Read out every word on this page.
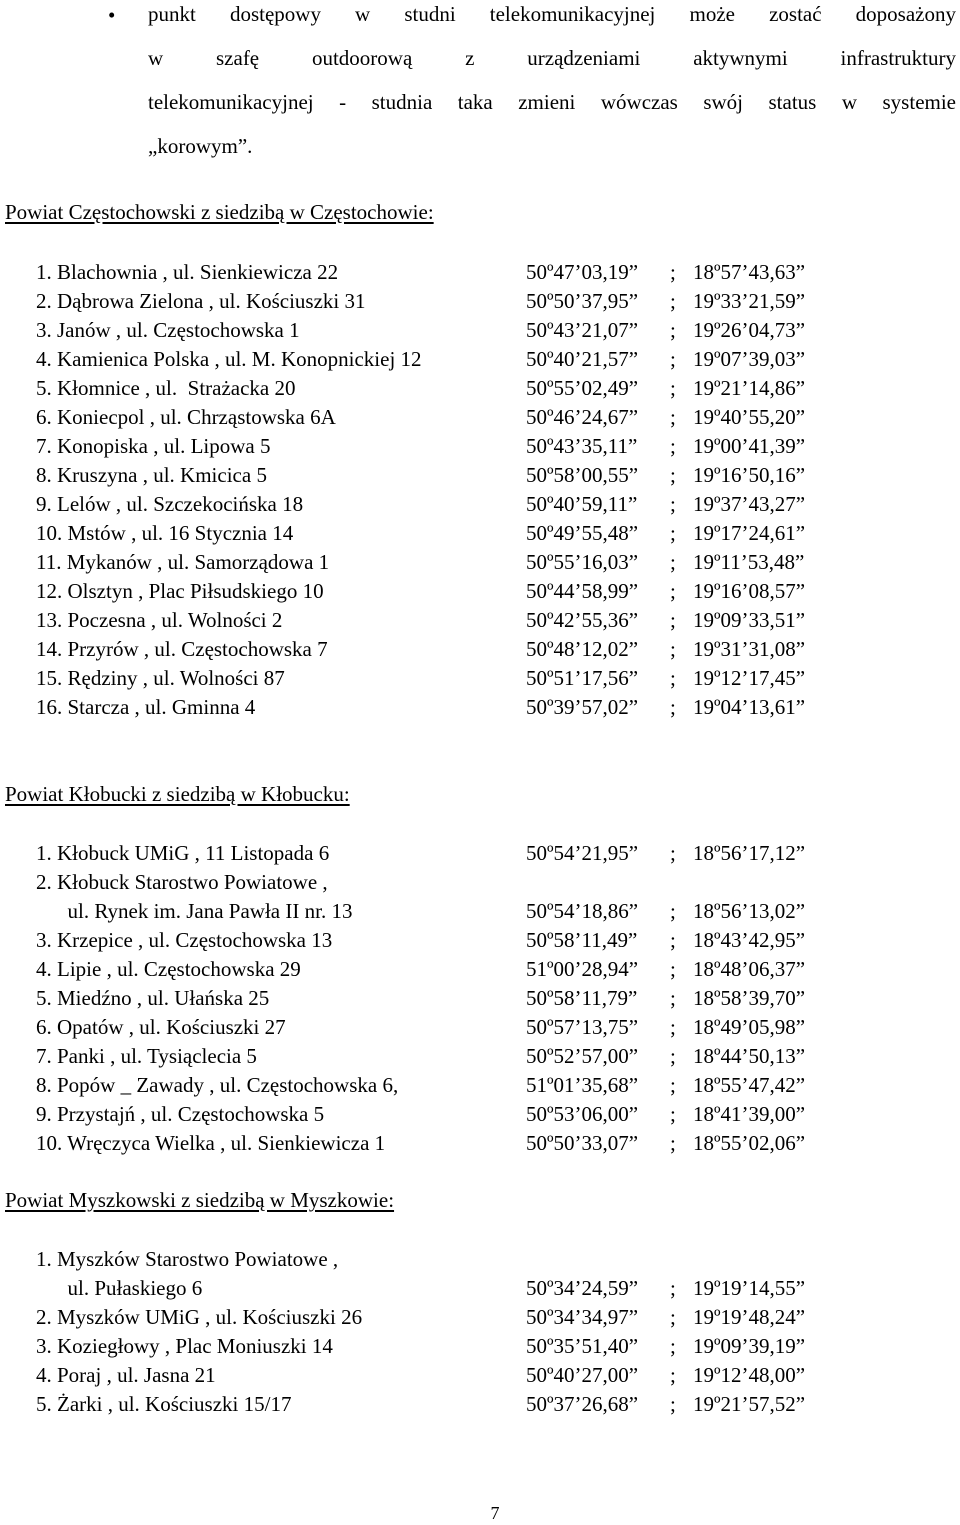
• punkt dostępowy w studni telekomunikacyjnej może zostać doposażony
w szafę outdoorową z urządzeniami aktywnymi infrastruktury
telekomunikacyjnej - studnia taka zmieni wówczas swój status w systemie
„korowym”.
Powiat Częstochowski z siedzibą w Częstochowie:
1. Blachownia , ul. Sienkiewicza 22	50º47’03,19” ; 18º57’43,63”
2. Dąbrowa Zielona , ul. Kościuszki 31	50º50’37,95” ; 19º33’21,59”
3. Janów , ul. Częstochowska 1	50º43’21,07” ; 19º26’04,73”
4. Kamienica Polska , ul. M. Konopnickiej 12	50º40’21,57” ; 19º07’39,03”
5. Kłomnice , ul.  Strażacka 20	50º55’02,49” ; 19º21’14,86”
6. Koniecpol , ul. Chrząstowska 6A	50º46’24,67” ; 19º40’55,20”
7. Konopiska , ul. Lipowa 5	50º43’35,11” ; 19º00’41,39”
8. Kruszyna , ul. Kmicica 5	50º58’00,55” ; 19º16’50,16”
9. Lelów , ul. Szczekocińska 18	50º40’59,11” ; 19º37’43,27”
10. Mstów , ul. 16 Stycznia 14	50º49’55,48” ; 19º17’24,61”
11. Mykanów , ul. Samorządowa 1	50º55’16,03” ; 19º11’53,48”
12. Olsztyn , Plac Piłsudskiego 10	50º44’58,99” ; 19º16’08,57”
13. Poczesna , ul. Wolności 2	50º42’55,36” ; 19º09’33,51”
14. Przyrów , ul. Częstochowska 7	50º48’12,02” ; 19º31’31,08”
15. Rędziny , ul. Wolności 87	50º51’17,56” ; 19º12’17,45”
16. Starcza , ul. Gminna 4	50º39’57,02” ; 19º04’13,61”
Powiat Kłobucki z siedzibą w Kłobucku:
1. Kłobuck UMiG , 11 Listopada 6	50º54’21,95” ; 18º56’17,12”
2. Kłobuck Starostwo Powiatowe ,
ul. Rynek im. Jana Pawła II nr. 13	50º54’18,86” ; 18º56’13,02”
3. Krzepice , ul. Częstochowska 13	50º58’11,49” ; 18º43’42,95”
4. Lipie , ul. Częstochowska 29	51º00’28,94” ; 18º48’06,37”
5. Miedźno , ul. Ułańska 25	50º58’11,79” ; 18º58’39,70”
6. Opatów , ul. Kościuszki 27	50º57’13,75” ; 18º49’05,98”
7. Panki , ul. Tysiąclecia 5	50º52’57,00” ; 18º44’50,13”
8. Popów _ Zawady , ul. Częstochowska 6,	51º01’35,68” ; 18º55’47,42”
9. Przystajń , ul. Częstochowska 5	50º53’06,00” ; 18º41’39,00”
10. Wręczyca Wielka , ul. Sienkiewicza 1	50º50’33,07” ; 18º55’02,06”
Powiat Myszkowski z siedzibą w Myszkowie:
1. Myszków Starostwo Powiatowe ,
ul. Pułaskiego 6	50º34’24,59” ; 19º19’14,55”
2. Myszków UMiG , ul. Kościuszki 26	50º34’34,97” ; 19º19’48,24”
3. Koziegłowy , Plac Moniuszki 14	50º35’51,40” ; 19º09’39,19”
4. Poraj , ul. Jasna 21	50º40’27,00” ; 19º12’48,00”
5. Żarki , ul. Kościuszki 15/17	50º37’26,68” ; 19º21’57,52”
7
